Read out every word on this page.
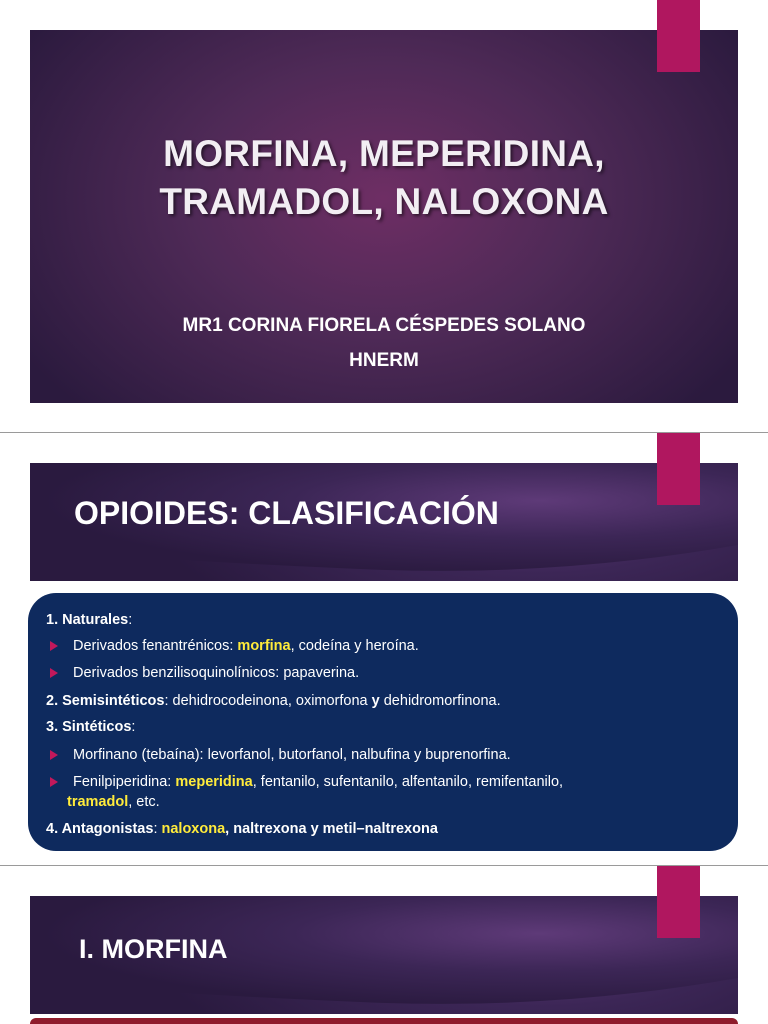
MORFINA, MEPERIDINA,
TRAMADOL, NALOXONA
MR1 CORINA FIORELA CÉSPEDES SOLANO
HNERM
OPIOIDES: CLASIFICACIÓN
1. Naturales:
Derivados fenantrénicos: morfina, codeína y heroína.
Derivados benzilisoquinolínicos: papaverina.
2. Semisintéticos: dehidrocodeinona, oximorfona y dehidromorfinona.
3. Sintéticos:
Morfinano (tebaína): levorfanol, butorfanol, nalbufina y buprenorfina.
Fenilpiperidina: meperidina, fentanilo, sufentanilo, alfentanilo, remifentanilo,
tramadol, etc.
4. Antagonistas: naloxona, naltrexona y metil–naltrexona
I. MORFINA
